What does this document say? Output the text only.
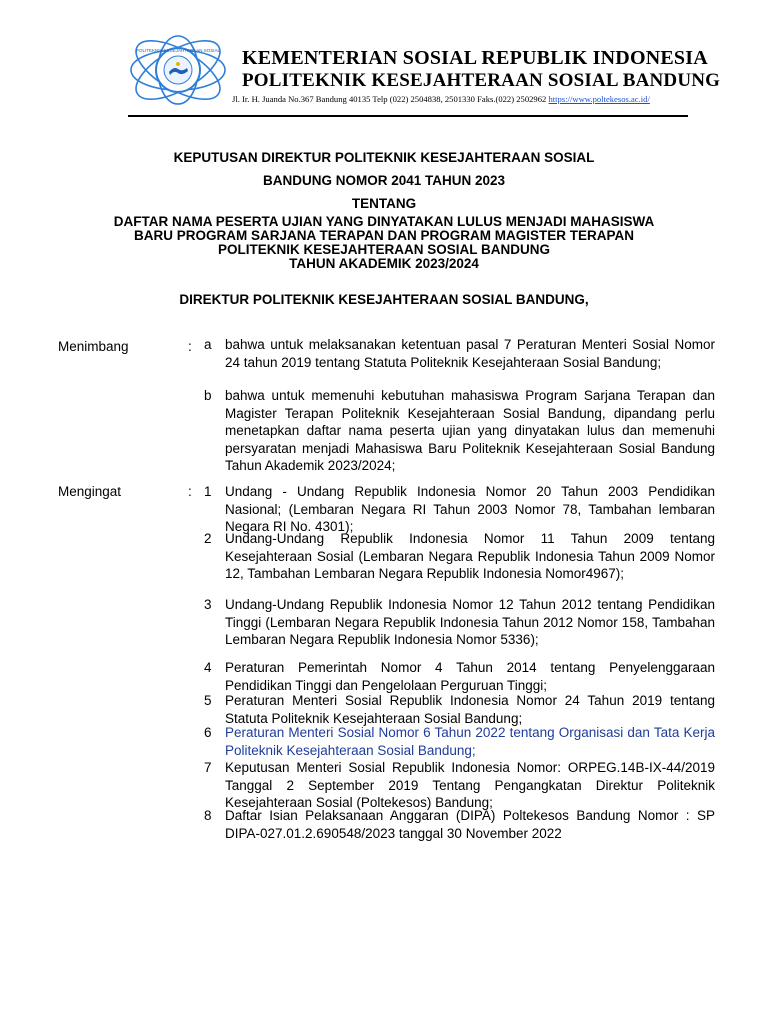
POLITEKNIK KESEJAHTERAAN SOSIAL KEMENTERIAN SOSIAL REPUBLIK INDONESIA
POLITEKNIK KESEJAHTERAAN SOSIAL BANDUNG
Jl. Ir. H. Juanda No.367 Bandung 40135 Telp (022) 2504838, 2501330 Faks.(022) 2502962 https://www.poltekesos.ac.id/
KEPUTUSAN DIREKTUR POLITEKNIK KESEJAHTERAAN SOSIAL
BANDUNG NOMOR 2041 TAHUN 2023
TENTANG
DAFTAR NAMA PESERTA UJIAN YANG DINYATAKAN LULUS MENJADI MAHASISWA
BARU PROGRAM SARJANA TERAPAN DAN PROGRAM MAGISTER TERAPAN
POLITEKNIK KESEJAHTERAAN SOSIAL BANDUNG
TAHUN AKADEMIK 2023/2024
DIREKTUR POLITEKNIK KESEJAHTERAAN SOSIAL BANDUNG,
Menimbang	: a bahwa untuk melaksanakan ketentuan pasal 7 Peraturan Menteri Sosial Nomor 24 tahun 2019 tentang Statuta Politeknik Kesejahteraan Sosial Bandung;
b bahwa untuk memenuhi kebutuhan mahasiswa Program Sarjana Terapan dan Magister Terapan Politeknik Kesejahteraan Sosial Bandung, dipandang perlu menetapkan daftar nama peserta ujian yang dinyatakan lulus dan memenuhi persyaratan menjadi Mahasiswa Baru Politeknik Kesejahteraan Sosial Bandung Tahun Akademik 2023/2024;
Mengingat	: 1 Undang - Undang Republik Indonesia Nomor 20 Tahun 2003 Pendidikan Nasional; (Lembaran Negara RI Tahun 2003 Nomor 78, Tambahan lembaran Negara RI No. 4301);
2 Undang-Undang Republik Indonesia Nomor 11 Tahun 2009 tentang Kesejahteraan Sosial (Lembaran Negara Republik Indonesia Tahun 2009 Nomor 12, Tambahan Lembaran Negara Republik Indonesia Nomor4967);
3 Undang-Undang Republik Indonesia Nomor 12 Tahun 2012 tentang Pendidikan Tinggi (Lembaran Negara Republik Indonesia Tahun 2012 Nomor 158, Tambahan Lembaran Negara Republik Indonesia Nomor 5336);
4 Peraturan Pemerintah Nomor 4 Tahun 2014 tentang Penyelenggaraan Pendidikan Tinggi dan Pengelolaan Perguruan Tinggi;
5 Peraturan Menteri Sosial Republik Indonesia Nomor 24 Tahun 2019 tentang Statuta Politeknik Kesejahteraan Sosial Bandung;
6 Peraturan Menteri Sosial Nomor 6 Tahun 2022 tentang Organisasi dan Tata Kerja Politeknik Kesejahteraan Sosial Bandung;
7 Keputusan Menteri Sosial Republik Indonesia Nomor: ORPEG.14B-IX-44/2019 Tanggal 2 September 2019 Tentang Pengangkatan Direktur Politeknik Kesejahteraan Sosial (Poltekesos) Bandung;
8 Daftar Isian Pelaksanaan Anggaran (DIPA) Poltekesos Bandung Nomor : SP DIPA-027.01.2.690548/2023 tanggal 30 November 2022
